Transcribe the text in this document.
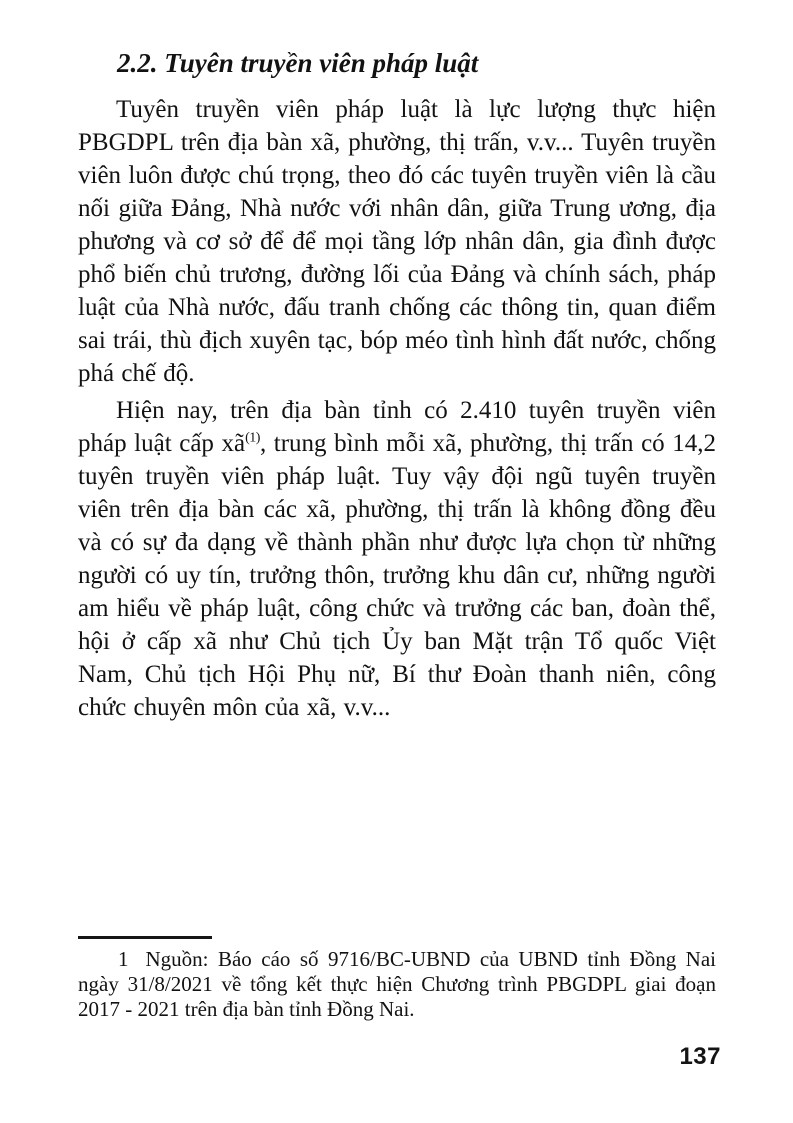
2.2. Tuyên truyền viên pháp luật

Tuyên truyền viên pháp luật là lực lượng thực hiện PBGDPL trên địa bàn xã, phường, thị trấn, v.v... Tuyên truyền viên luôn được chú trọng, theo đó các tuyên truyền viên là cầu nối giữa Đảng, Nhà nước với nhân dân, giữa Trung ương, địa phương và cơ sở để để mọi tầng lớp nhân dân, gia đình được phổ biến chủ trương, đường lối của Đảng và chính sách, pháp luật của Nhà nước, đấu tranh chống các thông tin, quan điểm sai trái, thù địch xuyên tạc, bóp méo tình hình đất nước, chống phá chế độ.

Hiện nay, trên địa bàn tỉnh có 2.410 tuyên truyền viên pháp luật cấp xã$^{(1)}$, trung bình mỗi xã, phường, thị trấn có 14,2 tuyên truyền viên pháp luật. Tuy vậy đội ngũ tuyên truyền viên trên địa bàn các xã, phường, thị trấn là không đồng đều và có sự đa dạng về thành phần như được lựa chọn từ những người có uy tín, trưởng thôn, trưởng khu dân cư, những người am hiểu về pháp luật, công chức và trưởng các ban, đoàn thể, hội ở cấp xã như Chủ tịch Ủy ban Mặt trận Tổ quốc Việt Nam, Chủ tịch Hội Phụ nữ, Bí thư Đoàn thanh niên, công chức chuyên môn của xã, v.v...

1 Nguồn: Báo cáo số 9716/BC-UBND của UBND tỉnh Đồng Nai ngày 31/8/2021 về tổng kết thực hiện Chương trình PBGDPL giai đoạn 2017 - 2021 trên địa bàn tỉnh Đồng Nai.

137
